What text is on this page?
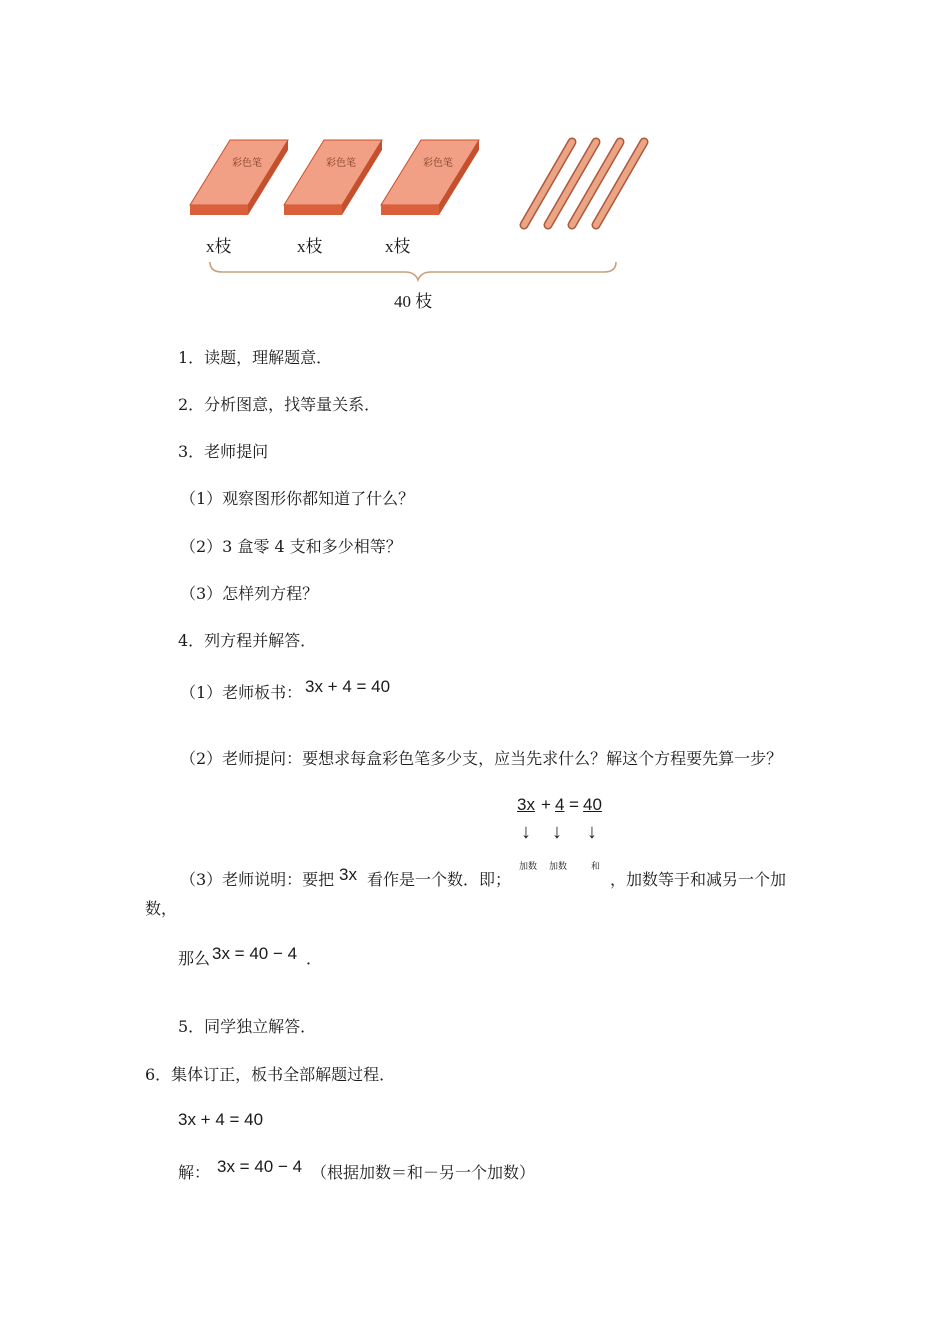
彩色笔	彩色笔	彩色笔
x枝	x枝	x枝
40 枝
1．读题，理解题意．
2．分析图意，找等量关系．
3．老师提问
（1）观察图形你都知道了什么？
（2）3 盒零 4 支和多少相等？
（3）怎样列方程？
4．列方程并解答．
（1）老师板书： 3x + 4 = 40
（2）老师提问：要想求每盒彩色笔多少支，应当先求什么？解这个方程要先算一步？
3x + 4 = 40
↓ ↓ ↓
加数 加数	和
（3）老师说明：要把 3x 看作是一个数．即；	，加数等于和减另一个加
数，
那么 3x = 40 − 4 ．
5．同学独立解答．
6．集体订正，板书全部解题过程．
3x + 4 = 40
解： 3x = 40 − 4 （根据加数＝和－另一个加数）
